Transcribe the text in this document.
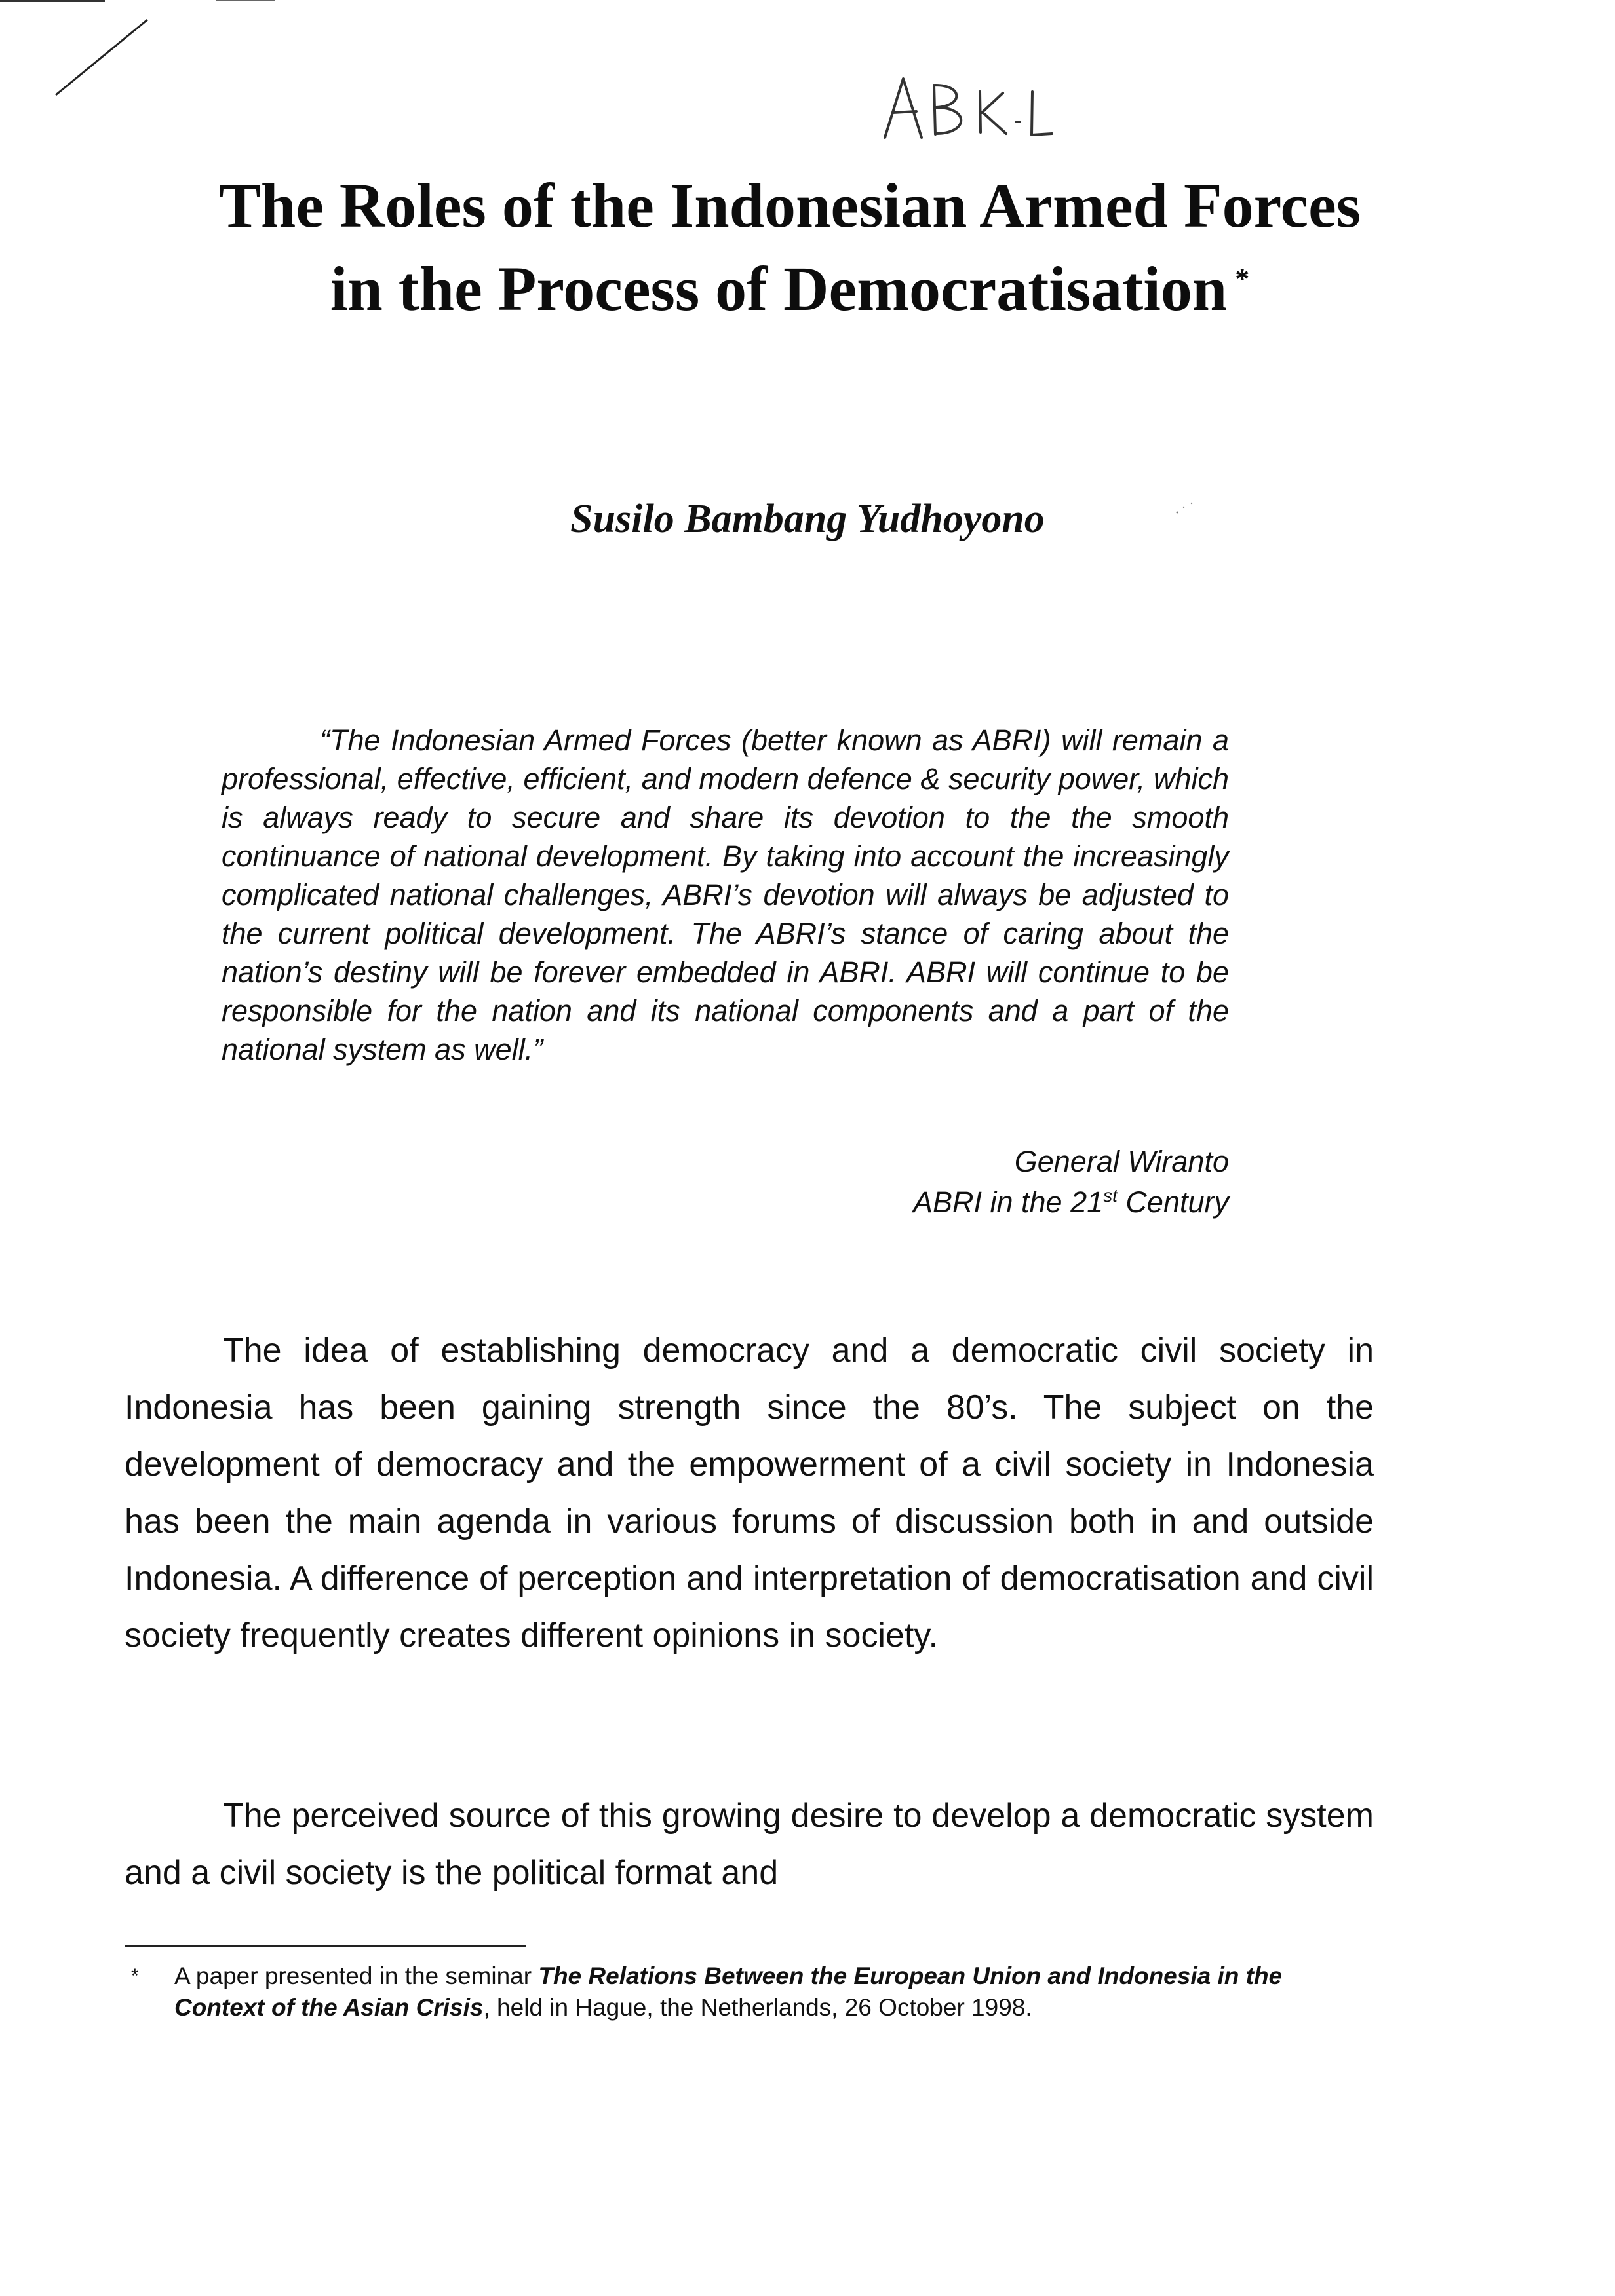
The Roles of the Indonesian Armed Forces
in the Process of Democratisation *
Susilo Bambang Yudhoyono
“The Indonesian Armed Forces (better known as ABRI) will remain a professional, effective, efficient, and modern defence & security power, which is always ready to secure and share its devotion to the the smooth continuance of national development. By taking into account the increasingly complicated national challenges, ABRI’s devotion will always be adjusted to the current political development. The ABRI’s stance of caring about the nation’s destiny will be forever embedded in ABRI. ABRI will continue to be responsible for the nation and its national components and a part of the national system as well.”
General Wiranto
ABRI in the 21st Century

The idea of establishing democracy and a democratic civil society in Indonesia has been gaining strength since the 80’s. The subject on the development of democracy and the empowerment of a civil society in Indonesia has been the main agenda in various forums of discussion both in and outside Indonesia. A difference of perception and interpretation of democratisation and civil society frequently creates different opinions in society.

The perceived source of this growing desire to develop a democratic system and a civil society is the political format and

* A paper presented in the seminar The Relations Between the European Union and Indonesia in the Context of the Asian Crisis, held in Hague, the Netherlands, 26 October 1998.
